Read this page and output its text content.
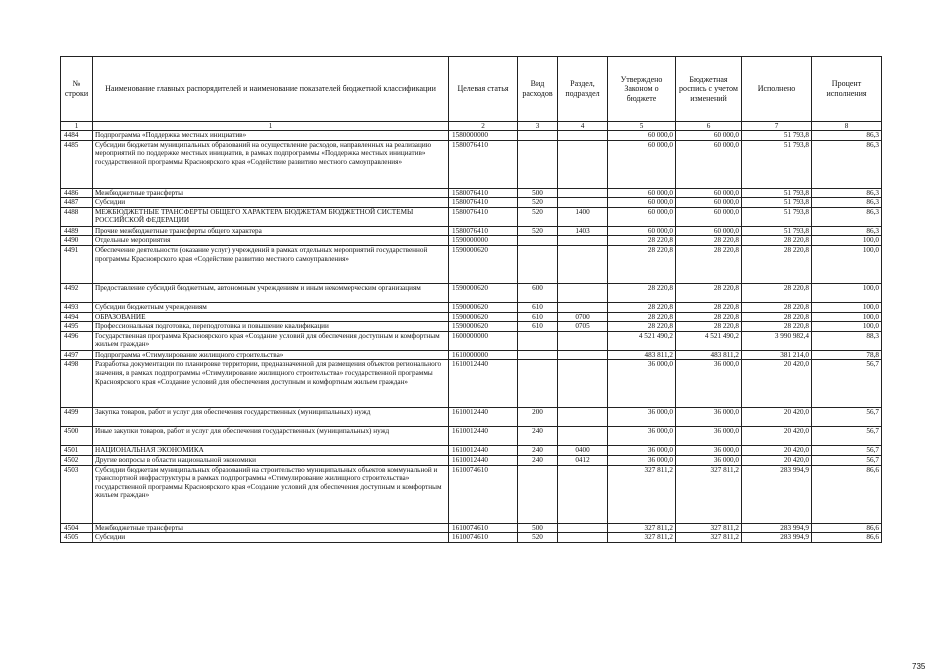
№ строки	Наименование главных распорядителей и наименование показателей бюджетной классификации	Целевая статья	Вид расходов	Раздел, подраздел	Утверждено Законом о бюджете	Бюджетная роспись с учетом изменений	Исполнено	Процент исполнения
1	1	2	3	4	5	6	7	8
4484	Подпрограмма «Поддержка местных инициатив»	1580000000			60 000,0	60 000,0	51 793,8	86,3
4485	Субсидии бюджетам муниципальных образований на осуществление расходов, направленных на реализацию мероприятий по поддержке местных инициатив, в рамках подпрограммы «Поддержка местных инициатив» государственной программы Красноярского края «Содействие развитию местного самоуправления»	1580076410			60 000,0	60 000,0	51 793,8	86,3
4486	Межбюджетные трансферты	1580076410	500		60 000,0	60 000,0	51 793,8	86,3
4487	Субсидии	1580076410	520		60 000,0	60 000,0	51 793,8	86,3
4488	МЕЖБЮДЖЕТНЫЕ ТРАНСФЕРТЫ ОБЩЕГО ХАРАКТЕРА БЮДЖЕТАМ БЮДЖЕТНОЙ СИСТЕМЫ РОССИЙСКОЙ ФЕДЕРАЦИИ	1580076410	520	1400	60 000,0	60 000,0	51 793,8	86,3
4489	Прочие межбюджетные трансферты общего характера	1580076410	520	1403	60 000,0	60 000,0	51 793,8	86,3
4490	Отдельные мероприятия	1590000000			28 220,8	28 220,8	28 220,8	100,0
4491	Обеспечение деятельности (оказание услуг) учреждений в рамках отдельных мероприятий государственной программы Красноярского края «Содействие развитию местного самоуправления»	1590000620			28 220,8	28 220,8	28 220,8	100,0
4492	Предоставление субсидий бюджетным, автономным учреждениям и иным некоммерческим организациям	1590000620	600		28 220,8	28 220,8	28 220,8	100,0
4493	Субсидии бюджетным учреждениям	1590000620	610		28 220,8	28 220,8	28 220,8	100,0
4494	ОБРАЗОВАНИЕ	1590000620	610	0700	28 220,8	28 220,8	28 220,8	100,0
4495	Профессиональная подготовка, переподготовка и повышение квалификации	1590000620	610	0705	28 220,8	28 220,8	28 220,8	100,0
4496	Государственная программа Красноярского края «Создание условий для обеспечения доступным и комфортным жильем граждан»	1600000000			4 521 490,2	4 521 490,2	3 990 982,4	88,3
4497	Подпрограмма «Стимулирование жилищного строительства»	1610000000			483 811,2	483 811,2	381 214,0	78,8
4498	Разработка документации по планировке территории, предназначенной для размещения объектов регионального значения, в рамках подпрограммы «Стимулирование жилищного строительства» государственной программы Красноярского края «Создание условий для обеспечения доступным и комфортным жильем граждан»	1610012440			36 000,0	36 000,0	20 420,0	56,7
4499	Закупка товаров, работ и услуг для обеспечения государственных (муниципальных) нужд	1610012440	200		36 000,0	36 000,0	20 420,0	56,7
4500	Иные закупки товаров, работ и услуг для обеспечения государственных (муниципальных) нужд	1610012440	240		36 000,0	36 000,0	20 420,0	56,7
4501	НАЦИОНАЛЬНАЯ ЭКОНОМИКА	1610012440	240	0400	36 000,0	36 000,0	20 420,0	56,7
4502	Другие вопросы в области национальной экономики	1610012440	240	0412	36 000,0	36 000,0	20 420,0	56,7
4503	Субсидии бюджетам муниципальных образований на строительство муниципальных объектов коммунальной и транспортной инфраструктуры в рамках подпрограммы «Стимулирование жилищного строительства» государственной программы Красноярского края «Создание условий для обеспечения доступным и комфортным жильем граждан»	1610074610			327 811,2	327 811,2	283 994,9	86,6
4504	Межбюджетные трансферты	1610074610	500		327 811,2	327 811,2	283 994,9	86,6
4505	Субсидии	1610074610	520		327 811,2	327 811,2	283 994,9	86,6
735
